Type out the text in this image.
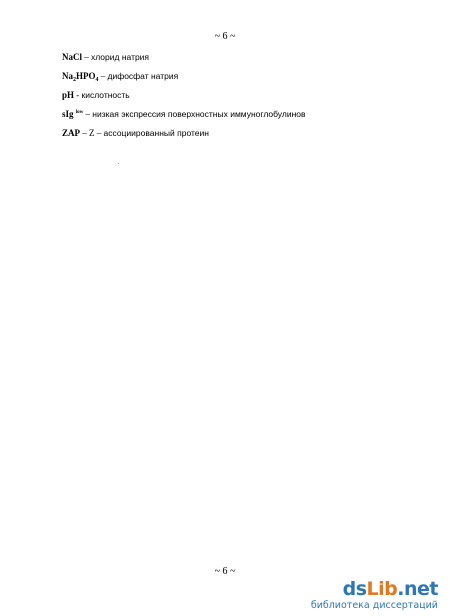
~ 6 ~
NaCl – хлорид натрия
$Na_2HPO_4$ – дифосфат натрия
pH - кислотность
sIg $^{low}$ – низкая экспрессия поверхностных иммуноглобулинов
ZAP – Z – ассоциированный протеин
~ 6 ~
dsLib.net
библиотека диссертаций
